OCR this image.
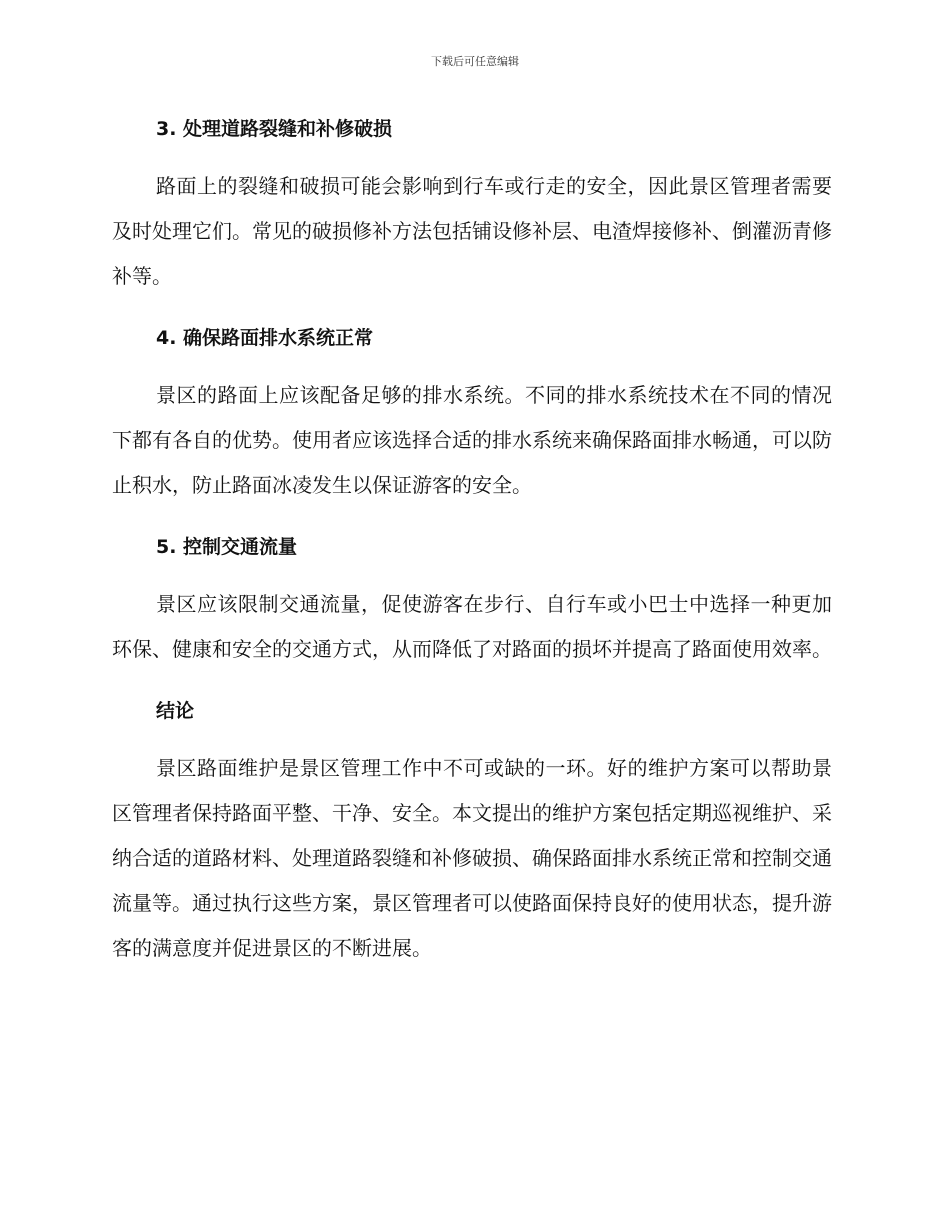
下载后可任意编辑
3. 处理道路裂缝和补修破损

路面上的裂缝和破损可能会影响到行车或行走的安全，因此景区管理者需要及时处理它们。常见的破损修补方法包括铺设修补层、电渣焊接修补、倒灌沥青修补等。

4. 确保路面排水系统正常

景区的路面上应该配备足够的排水系统。不同的排水系统技术在不同的情况下都有各自的优势。使用者应该选择合适的排水系统来确保路面排水畅通，可以防止积水，防止路面冰凌发生以保证游客的安全。

5. 控制交通流量

景区应该限制交通流量，促使游客在步行、自行车或小巴士中选择一种更加环保、健康和安全的交通方式，从而降低了对路面的损坏并提高了路面使用效率。

结论

景区路面维护是景区管理工作中不可或缺的一环。好的维护方案可以帮助景区管理者保持路面平整、干净、安全。本文提出的维护方案包括定期巡视维护、采纳合适的道路材料、处理道路裂缝和补修破损、确保路面排水系统正常和控制交通流量等。通过执行这些方案，景区管理者可以使路面保持良好的使用状态，提升游客的满意度并促进景区的不断进展。
